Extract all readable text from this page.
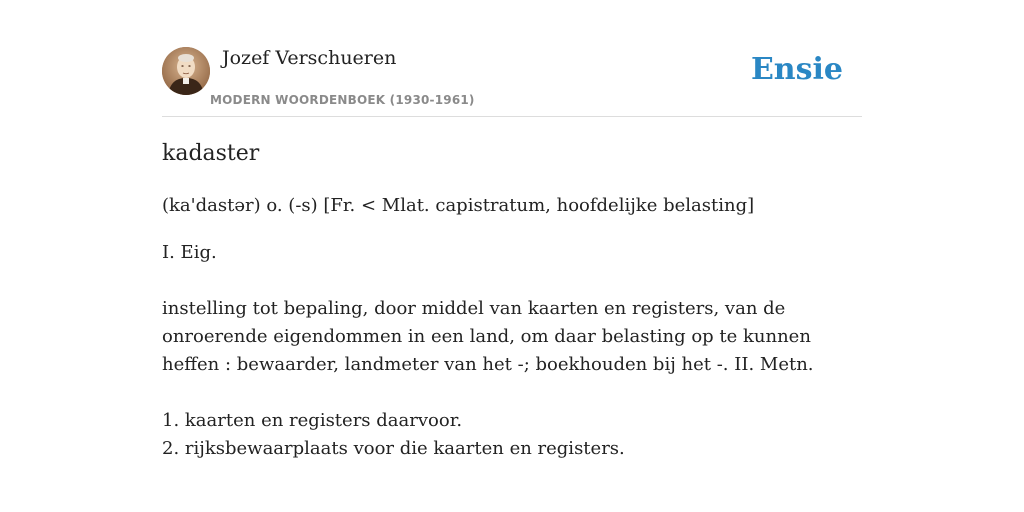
Jozef Verschueren
MODERN WOORDENBOEK (1930-1961)
Ensie
kadaster

(ka'dastər) o. (-s) [Fr. < Mlat. capistratum, hoofdelijke belasting]

I. Eig.

instelling tot bepaling, door middel van kaarten en registers, van de onroerende eigendommen in een land, om daar belasting op te kunnen heffen : bewaarder, landmeter van het -; boekhouden bij het -. II. Metn.

1. kaarten en registers daarvoor.

2. rijksbewaarplaats voor die kaarten en registers.
